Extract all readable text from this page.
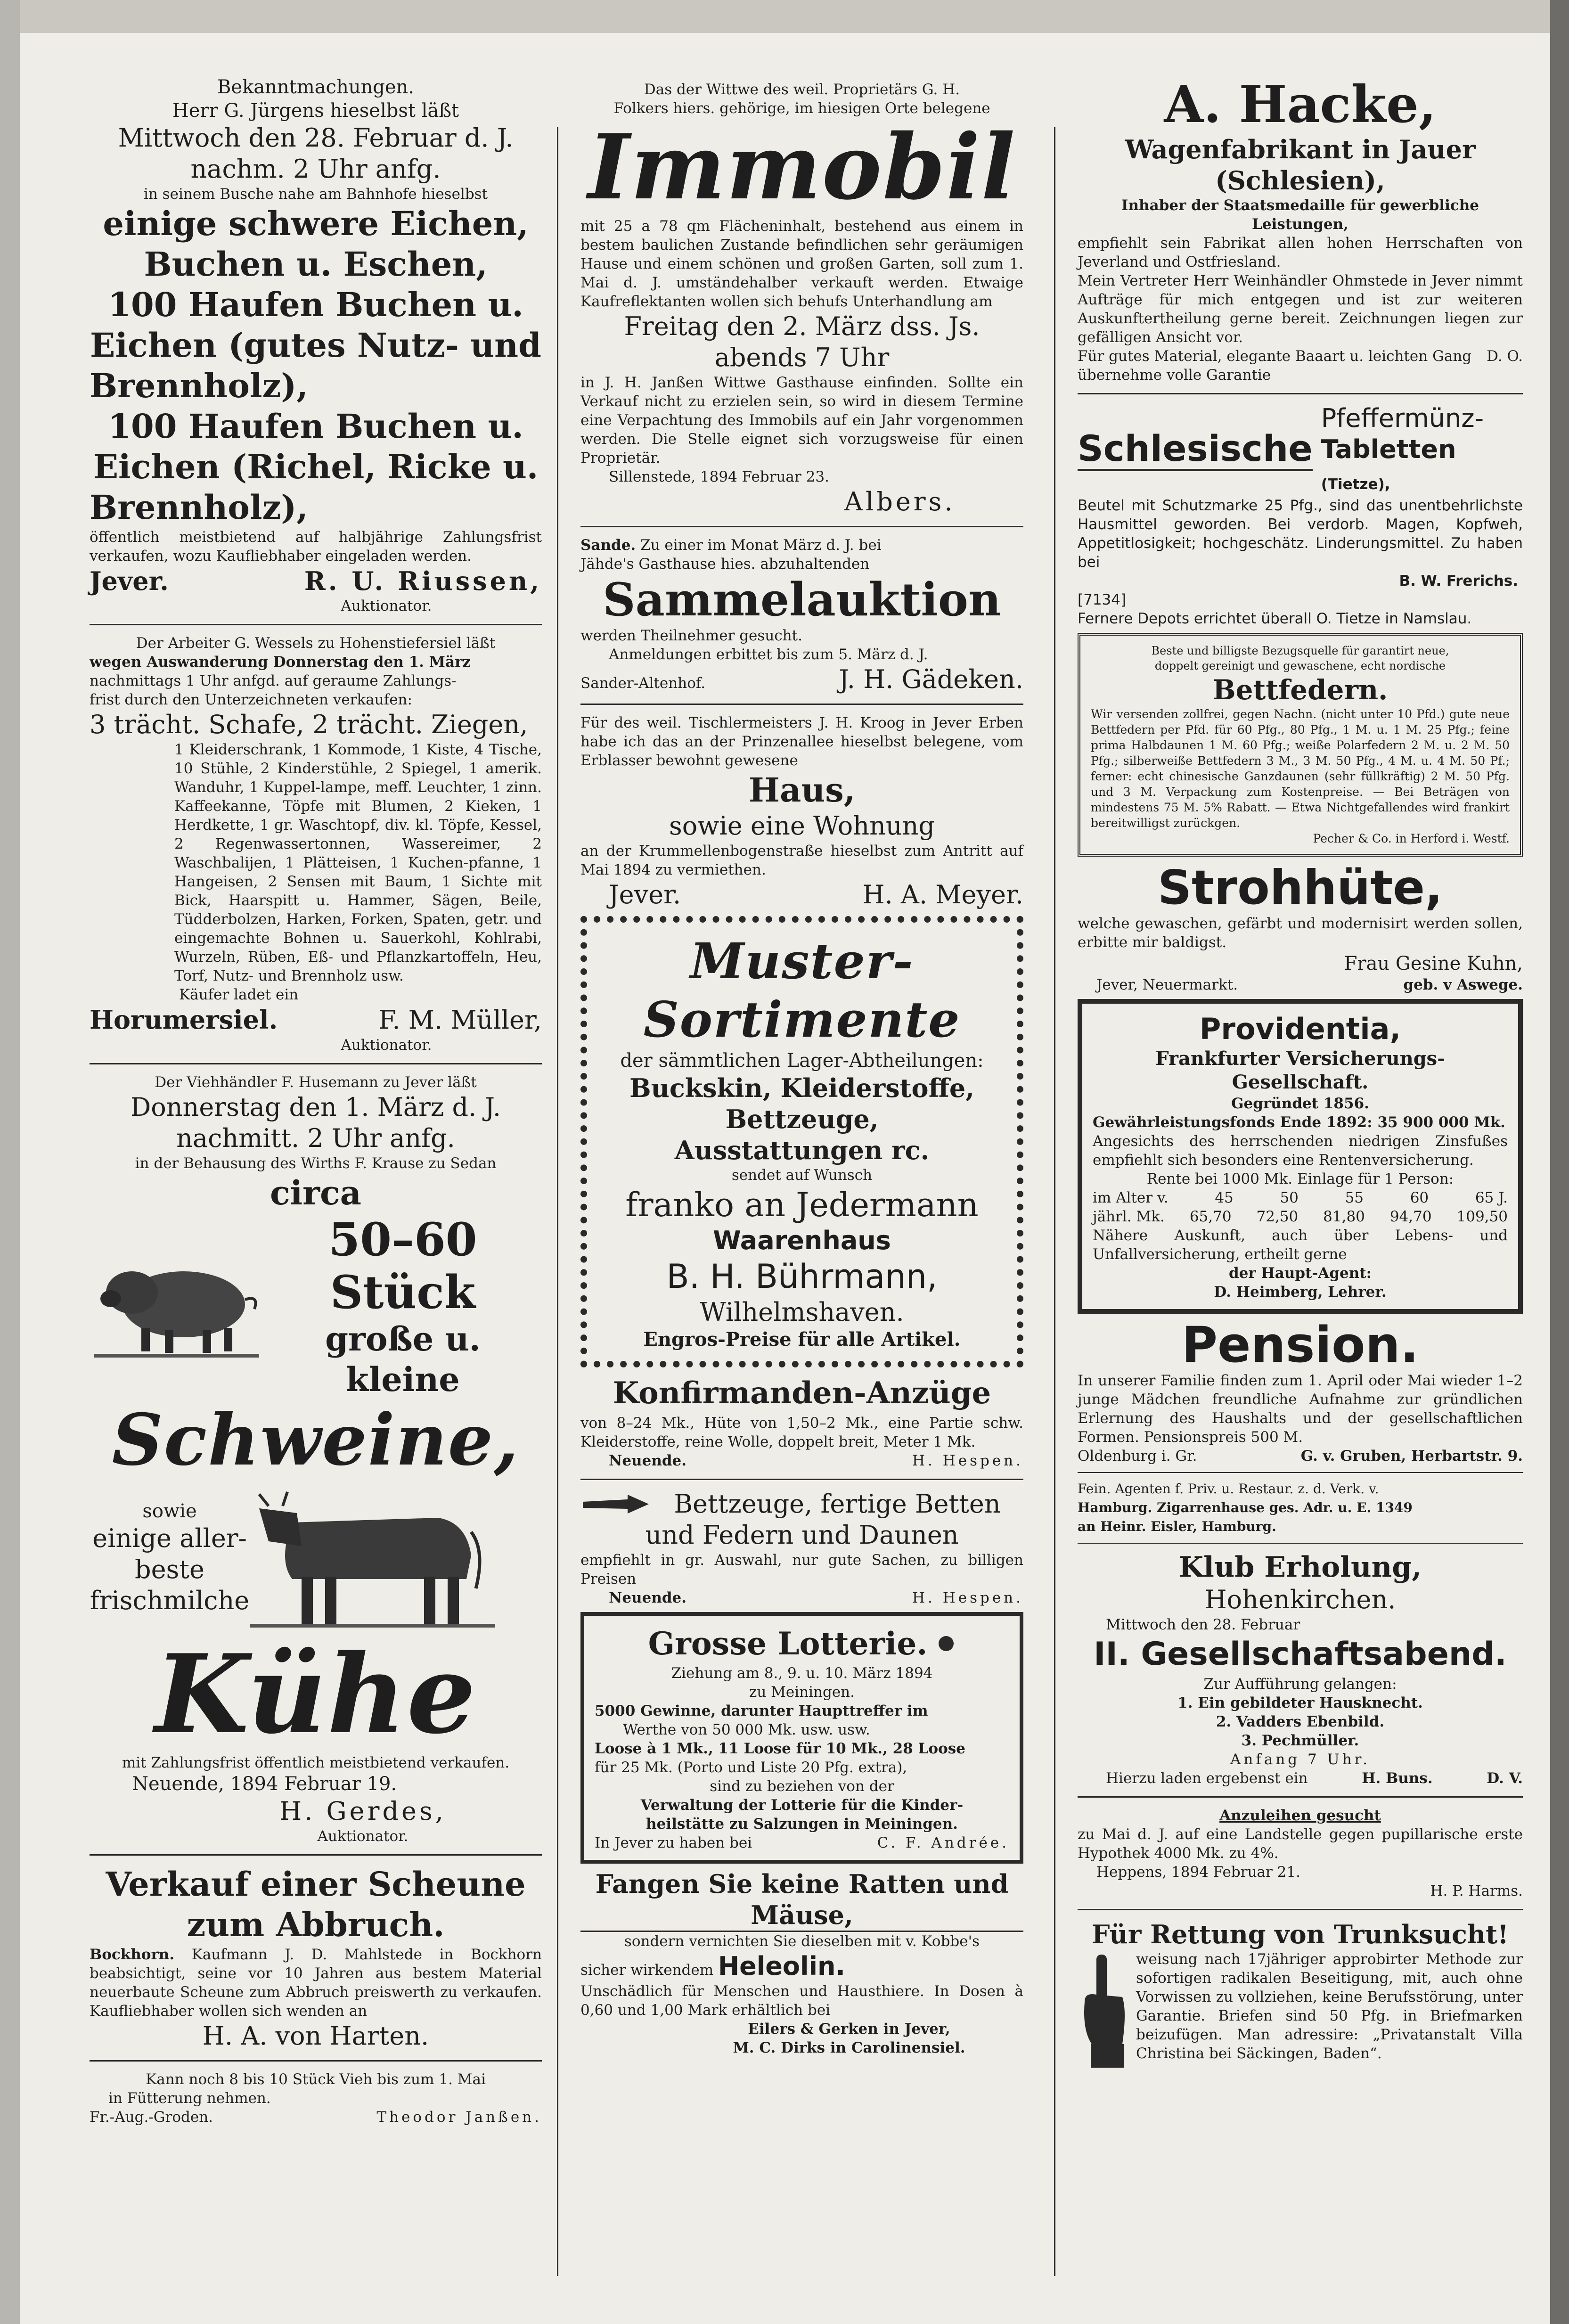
Bekanntmachungen.

Herr G. Jürgens hieselbst läßt

Mittwoch den 28. Februar d. J.

nachm. 2 Uhr anfg.

in seinem Busche nahe am Bahnhofe hieselbst

einige schwere Eichen,

Buchen u. Eschen,

100 Haufen Buchen u.

Eichen (gutes Nutz- und

Brennholz),

100 Haufen Buchen u.

Eichen (Richel, Ricke u.

Brennholz),

öffentlich meistbietend auf halbjährige Zahlungsfrist verkaufen, wozu Kaufliebhaber eingeladen werden.

Jever.	R. U. Riussen,

Auktionator.

Der Arbeiter G. Wessels zu Hohenstiefersiel läßt

wegen Auswanderung Donnerstag den 1. März

nachmittags 1 Uhr anfgd. auf geraume Zahlungs-

frist durch den Unterzeichneten verkaufen:

3 trächt. Schafe, 2 trächt. Ziegen,

1 Kleiderschrank, 1 Kommode, 1 Kiste, 4 Tische, 10 Stühle, 2 Kinderstühle, 2 Spiegel, 1 amerik. Wanduhr, 1 Kuppel-lampe, meff. Leuchter, 1 zinn. Kaffeekanne, Töpfe mit Blumen, 2 Kieken, 1 Herdkette, 1 gr. Waschtopf, div. kl. Töpfe, Kessel, 2 Regenwassertonnen, Wassereimer, 2 Waschbalijen, 1 Plätteisen, 1 Kuchen-pfanne, 1 Hangeisen, 2 Sensen mit Baum, 1 Sichte mit Bick, Haarspitt u. Hammer, Sägen, Beile, Tüdderbolzen, Harken, Forken, Spaten, getr. und eingemachte Bohnen u. Sauerkohl, Kohlrabi, Wurzeln, Rüben, Eß- und Pflanzkartoffeln, Heu, Torf, Nutz- und Brennholz usw.

Käufer ladet ein

Horumersiel.	F. M. Müller,

Auktionator.

Der Viehhändler F. Husemann zu Jever läßt

Donnerstag den 1. März d. J.

nachmitt. 2 Uhr anfg.

in der Behausung des Wirths F. Krause zu Sedan

circa

50–60 Stück

große u. kleine

Schweine,

sowie

einige aller-

beste

frischmilche

Kühe

mit Zahlungsfrist öffentlich meistbietend verkaufen.

Neuende, 1894 Februar 19.

H. Gerdes,

Auktionator.

Verkauf einer Scheune

zum Abbruch.

Bockhorn. Kaufmann J. D. Mahlstede in Bockhorn beabsichtigt, seine vor 10 Jahren aus bestem Material neuerbaute Scheune zum Abbruch preiswerth zu verkaufen. Kaufliebhaber wollen sich wenden an

H. A. von Harten.

Kann noch 8 bis 10 Stück Vieh bis zum 1. Mai

in Fütterung nehmen.

Fr.-Aug.-Groden.	Theodor Janßen.

Das der Wittwe des weil. Proprietärs G. H.

Folkers hiers. gehörige, im hiesigen Orte belegene

Immobil

mit 25 a 78 qm Flächeninhalt, bestehend aus einem in bestem baulichen Zustande befindlichen sehr geräumigen Hause und einem schönen und großen Garten, soll zum 1. Mai d. J. umständehalber verkauft werden. Etwaige Kaufreflektanten wollen sich behufs Unterhandlung am

Freitag den 2. März dss. Js.

abends 7 Uhr

in J. H. Janßen Wittwe Gasthause einfinden. Sollte ein Verkauf nicht zu erzielen sein, so wird in diesem Termine eine Verpachtung des Immobils auf ein Jahr vorgenommen werden. Die Stelle eignet sich vorzugsweise für einen Proprietär.

Sillenstede, 1894 Februar 23.

Albers.

Sande. Zu einer im Monat März d. J. bei

Jähde's Gasthause hies. abzuhaltenden

Sammelauktion

werden Theilnehmer gesucht.

Anmeldungen erbittet bis zum 5. März d. J.

Sander-Altenhof.	J. H. Gädeken.

Für des weil. Tischlermeisters J. H. Kroog in Jever Erben habe ich das an der Prinzenallee hieselbst belegene, vom Erblasser bewohnt gewesene

Haus,

sowie eine Wohnung

an der Krummellenbogenstraße hieselbst zum Antritt auf Mai 1894 zu vermiethen.

Jever.	H. A. Meyer.

Muster-Sortimente

der sämmtlichen Lager-Abtheilungen:

Buckskin, Kleiderstoffe, Bettzeuge,

Ausstattungen rc.

sendet auf Wunsch

franko an Jedermann

Waarenhaus

B. H. Bührmann,

Wilhelmshaven.

Engros-Preise für alle Artikel.

Konfirmanden-Anzüge

von 8–24 Mk., Hüte von 1,50–2 Mk., eine Partie schw. Kleiderstoffe, reine Wolle, doppelt breit, Meter 1 Mk.

Neuende.	H. Hespen.

Bettzeuge, fertige Betten

und Federn und Daunen

empfiehlt in gr. Auswahl, nur gute Sachen, zu billigen Preisen

Neuende.	H. Hespen.

Grosse Lotterie.

Ziehung am 8., 9. u. 10. März 1894

zu Meiningen.

5000 Gewinne, darunter Haupttreffer im

Werthe von 50 000 Mk. usw. usw.

Loose à 1 Mk., 11 Loose für 10 Mk., 28 Loose

für 25 Mk. (Porto und Liste 20 Pfg. extra),

sind zu beziehen von der

Verwaltung der Lotterie für die Kinder-

heilstätte zu Salzungen in Meiningen.

In Jever zu haben bei	C. F. Andrée.

Fangen Sie keine Ratten und Mäuse,

sondern vernichten Sie dieselben mit v. Kobbe's

sicher wirkendem Heleolin.

Unschädlich für Menschen und Hausthiere. In Dosen à 0,60 und 1,00 Mark erhältlich bei

Eilers & Gerken in Jever,

M. C. Dirks in Carolinensiel.

A. Hacke,

Wagenfabrikant in Jauer (Schlesien),

Inhaber der Staatsmedaille für gewerbliche

Leistungen,

empfiehlt sein Fabrikat allen hohen Herrschaften von Jeverland und Ostfriesland.

Mein Vertreter Herr Weinhändler Ohmstede in Jever nimmt Aufträge für mich entgegen und ist zur weiteren Auskunftertheilung gerne bereit. Zeichnungen liegen zur gefälligen Ansicht vor.

Für gutes Material, elegante Baaart u. leichten Gang übernehme volle Garantie
D. O.
Schlesische

Pfeffermünz-

Tabletten (Tietze),

Beutel mit Schutzmarke 25 Pfg., sind das unentbehrlichste Hausmittel geworden. Bei verdorb. Magen, Kopfweh, Appetitlosigkeit; hochgeschätz. Linderungsmittel. Zu haben bei

B. W. Frerichs.

[7134]

Fernere Depots errichtet überall O. Tietze in Namslau.

Beste und billigste Bezugsquelle für garantirt neue,

doppelt gereinigt und gewaschene, echt nordische

Bettfedern.

Wir versenden zollfrei, gegen Nachn. (nicht unter 10 Pfd.) gute neue Bettfedern per Pfd. für 60 Pfg., 80 Pfg., 1 M. u. 1 M. 25 Pfg.; feine prima Halbdaunen 1 M. 60 Pfg.; weiße Polarfedern 2 M. u. 2 M. 50 Pfg.; silberweiße Bettfedern 3 M., 3 M. 50 Pfg., 4 M. u. 4 M. 50 Pf.; ferner: echt chinesische Ganzdaunen (sehr füllkräftig) 2 M. 50 Pfg. und 3 M. Verpackung zum Kostenpreise. — Bei Beträgen von mindestens 75 M. 5% Rabatt. — Etwa Nichtgefallendes wird frankirt bereitwilligst zurückgen.

Pecher & Co. in Herford i. Westf.

Strohhüte,

welche gewaschen, gefärbt und modernisirt werden sollen, erbitte mir baldigst.

Frau Gesine Kuhn,

Jever, Neuermarkt.	geb. v Aswege.

Providentia,

Frankfurter Versicherungs-Gesellschaft.

Gegründet 1856.

Gewährleistungsfonds Ende 1892: 35 900 000 Mk.

Angesichts des herrschenden niedrigen Zinsfußes empfiehlt sich besonders eine Rentenversicherung.

Rente bei 1000 Mk. Einlage für 1 Person:

im Alter v.	45	50	55	60	65 J.
jährl. Mk. 65,70 72,50 81,80 94,70 109,50

Nähere Auskunft, auch über Lebens- und Unfallversicherung, ertheilt gerne

der Haupt-Agent:

D. Heimberg, Lehrer.

Pension.

In unserer Familie finden zum 1. April oder Mai wieder 1–2 junge Mädchen freundliche Aufnahme zur gründlichen Erlernung des Haushalts und der gesellschaftlichen Formen. Pensionspreis 500 M.

Oldenburg i. Gr.	G. v. Gruben, Herbartstr. 9.

Fein. Agenten f. Priv. u. Restaur. z. d. Verk. v.

Hamburg. Zigarrenhause ges. Adr. u. E. 1349

an Heinr. Eisler, Hamburg.

Klub Erholung,

Hohenkirchen.

Mittwoch den 28. Februar

II. Gesellschaftsabend.

Zur Aufführung gelangen:

1. Ein gebildeter Hausknecht.

2. Vadders Ebenbild.

3. Pechmüller.

Anfang 7 Uhr.

Hierzu laden ergebenst ein	H. Buns.	D. V.

Anzuleihen gesucht

zu Mai d. J. auf eine Landstelle gegen pupillarische erste Hypothek 4000 Mk. zu 4%.

Heppens, 1894 Februar 21.

H. P. Harms.

Für Rettung von Trunksucht!

weisung nach 17jähriger approbirter Methode zur sofortigen radikalen Beseitigung, mit, auch ohne Vorwissen zu vollziehen, keine Berufsstörung, unter Garantie. Briefen sind 50 Pfg. in Briefmarken beizufügen. Man adressire: „Privatanstalt Villa Christina bei Säckingen, Baden“.
